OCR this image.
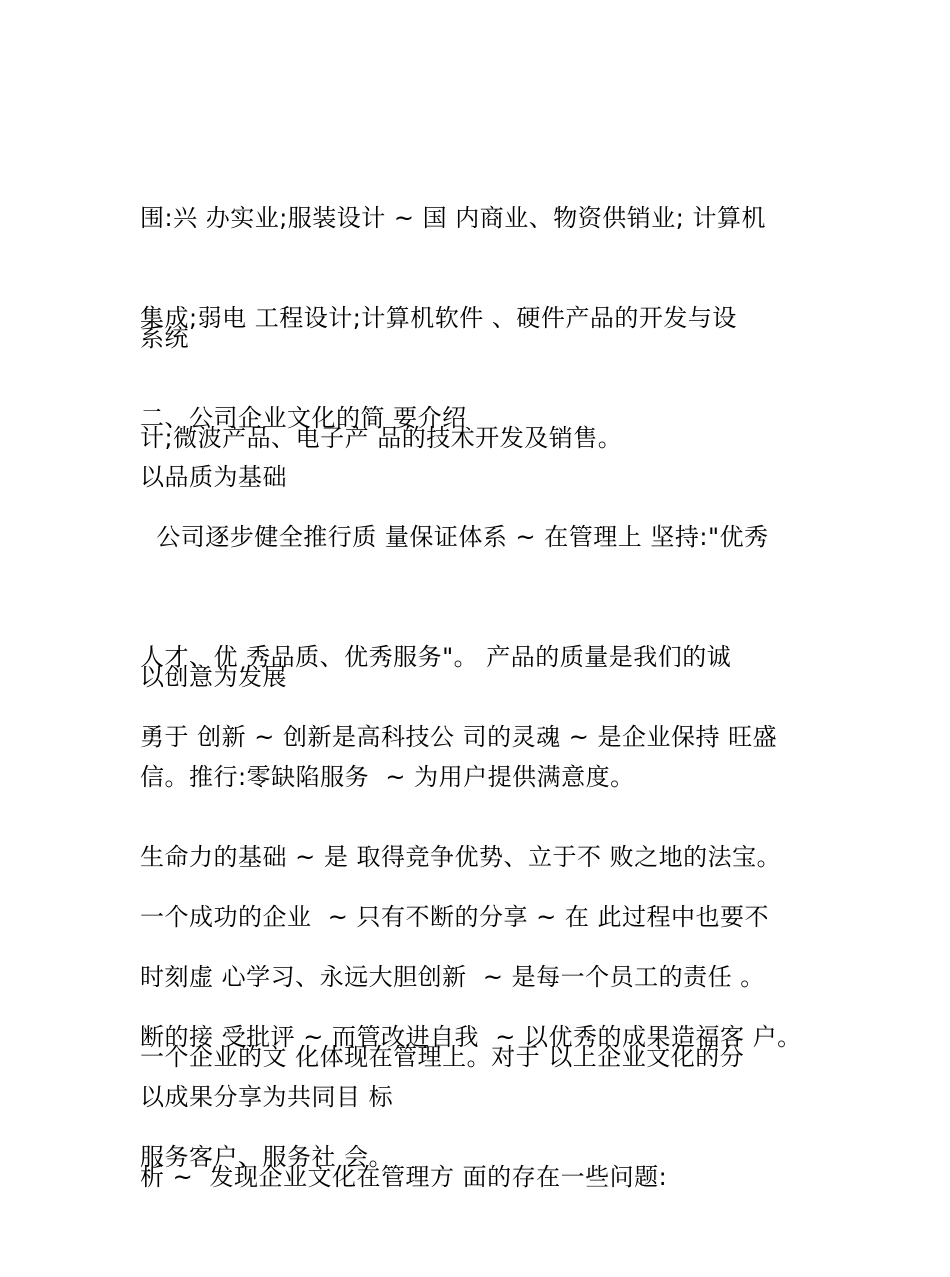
围:兴 办实业;服装设计 ~ 国 内商业、物资供销业; 计算机

系统

集成;弱电 工程设计;计算机软件 、硬件产品的开发与设

计;微波产品、电子产 品的技术开发及销售。

二、公司企业文化的简 要介绍

以品质为基础

公司逐步健全推行质 量保证体系 ~ 在管理上 坚持:"优秀

人才、优 秀品质、优秀服务"。 产品的质量是我们的诚

信。推行:零缺陷服务  ~ 为用户提供满意度。

以创意为发展

勇于 创新 ~ 创新是高科技公 司的灵魂 ~ 是企业保持 旺盛

生命力的基础 ~ 是 取得竞争优势、立于不 败之地的法宝。

时刻虚 心学习、永远大胆创新  ~ 是每一个员工的责任 。

以成果分享为共同目 标

一个成功的企业  ~ 只有不断的分享 ~ 在 此过程中也要不

断的接 受批评 ~ 而管改进自我  ~ 以优秀的成果造福客 户。

服务客户、服务社 会。

一个企业的文 化体现在管理上。对于 以上企业文化的分

析 ~  发现企业文化在管理方 面的存在一些问题:
